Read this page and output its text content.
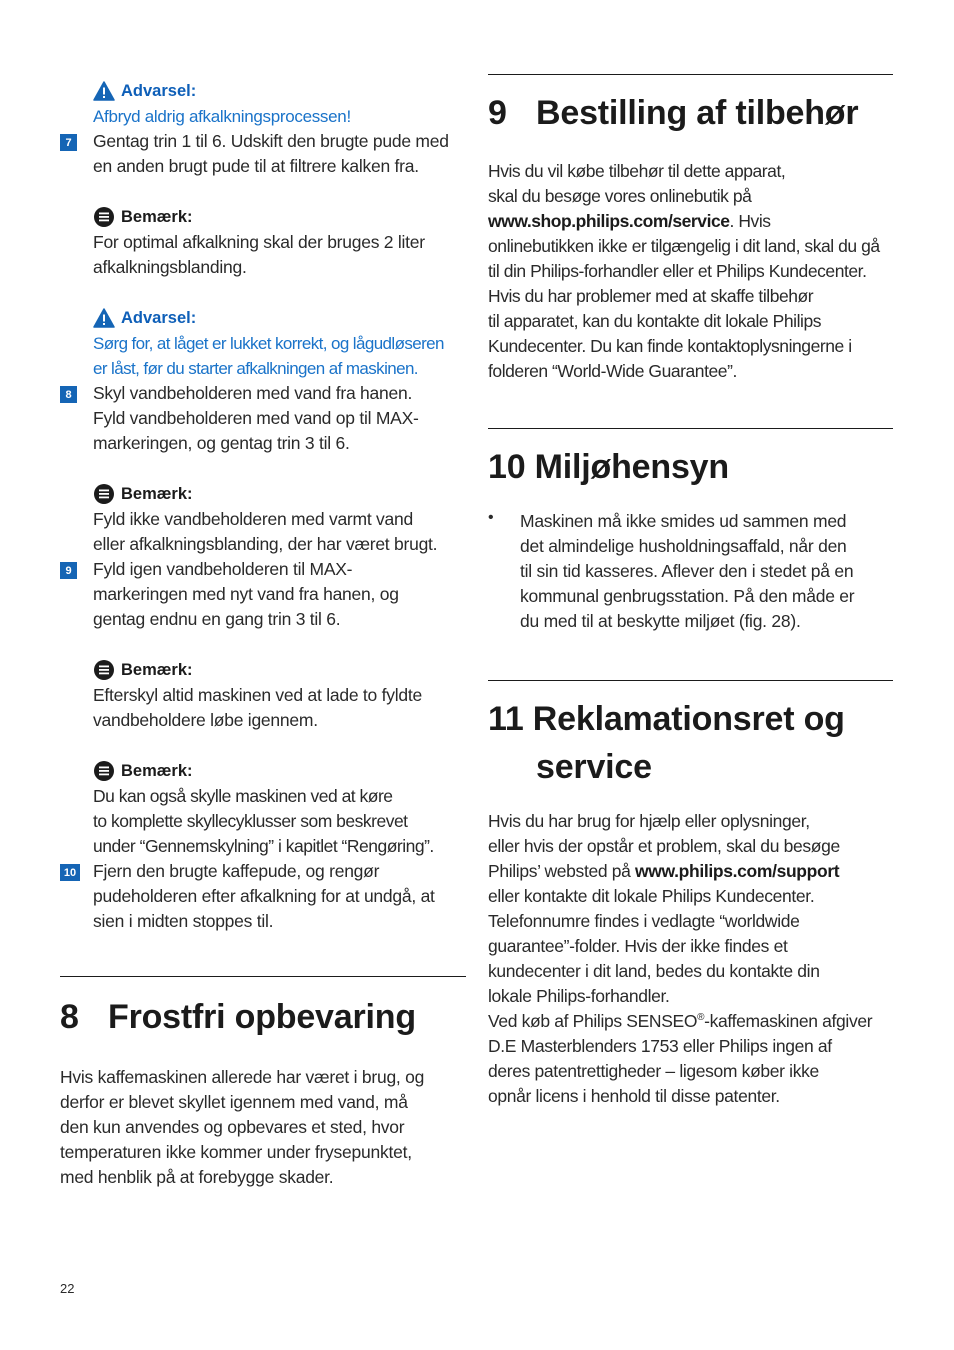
Advarsel:
Afbryd aldrig afkalkningsprocessen!
7	Gentag trin 1 til 6. Udskift den brugte pude med
en anden brugt pude til at filtrere kalken fra.

Bemærk:
For optimal afkalkning skal der bruges 2 liter
afkalkningsblanding.
Advarsel:
Sørg for, at låget er lukket korrekt, og lågudløseren
er låst, før du starter afkalkningen af maskinen.
8	Skyl vandbeholderen med vand fra hanen.
Fyld vandbeholderen med vand op til MAX-
markeringen, og gentag trin 3 til 6.

Bemærk:
Fyld ikke vandbeholderen med varmt vand
eller afkalkningsblanding, der har været brugt.
9	Fyld igen vandbeholderen til MAX-
markeringen med nyt vand fra hanen, og
gentag endnu en gang trin 3 til 6.

Bemærk:
Efterskyl altid maskinen ved at lade to fyldte
vandbeholdere løbe igennem.
Bemærk:
Du kan også skylle maskinen ved at køre
to komplette skyllecyklusser som beskrevet
under “Gennemskylning” i kapitlet “Rengøring”.
10 Fjern den brugte kaffepude, og rengør
pudeholderen efter afkalkning for at undgå, at
sien i midten stoppes til.

8 Frostfri opbevaring

Hvis kaffemaskinen allerede har været i brug, og
derfor er blevet skyllet igennem med vand, må
den kun anvendes og opbevares et sted, hvor
temperaturen ikke kommer under frysepunktet,
med henblik på at forebygge skader.

9 Bestilling af tilbehør

Hvis du vil købe tilbehør til dette apparat,
skal du besøge vores onlinebutik på
www.shop.philips.com/service. Hvis
onlinebutikken ikke er tilgængelig i dit land, skal du gå
til din Philips-forhandler eller et Philips Kundecenter.
Hvis du har problemer med at skaffe tilbehør
til apparatet, kan du kontakte dit lokale Philips
Kundecenter. Du kan finde kontaktoplysningerne i
folderen “World-Wide Guarantee”.

10 Miljøhensyn
•	Maskinen må ikke smides ud sammen med
det almindelige husholdningsaffald, når den
til sin tid kasseres. Aflever den i stedet på en
kommunal genbrugsstation. På den måde er
du med til at beskytte miljøet (fig. 28).

11 Reklamationsret og
service

Hvis du har brug for hjælp eller oplysninger,
eller hvis der opstår et problem, skal du besøge
Philips’ websted på www.philips.com/support
eller kontakte dit lokale Philips Kundecenter.
Telefonnumre findes i vedlagte “worldwide
guarantee”-folder. Hvis der ikke findes et
kundecenter i dit land, bedes du kontakte din
lokale Philips-forhandler.
Ved køb af Philips SENSEO®-kaffemaskinen afgiver
D.E Masterblenders 1753 eller Philips ingen af
deres patentrettigheder – ligesom køber ikke
opnår licens i henhold til disse patenter.

22
